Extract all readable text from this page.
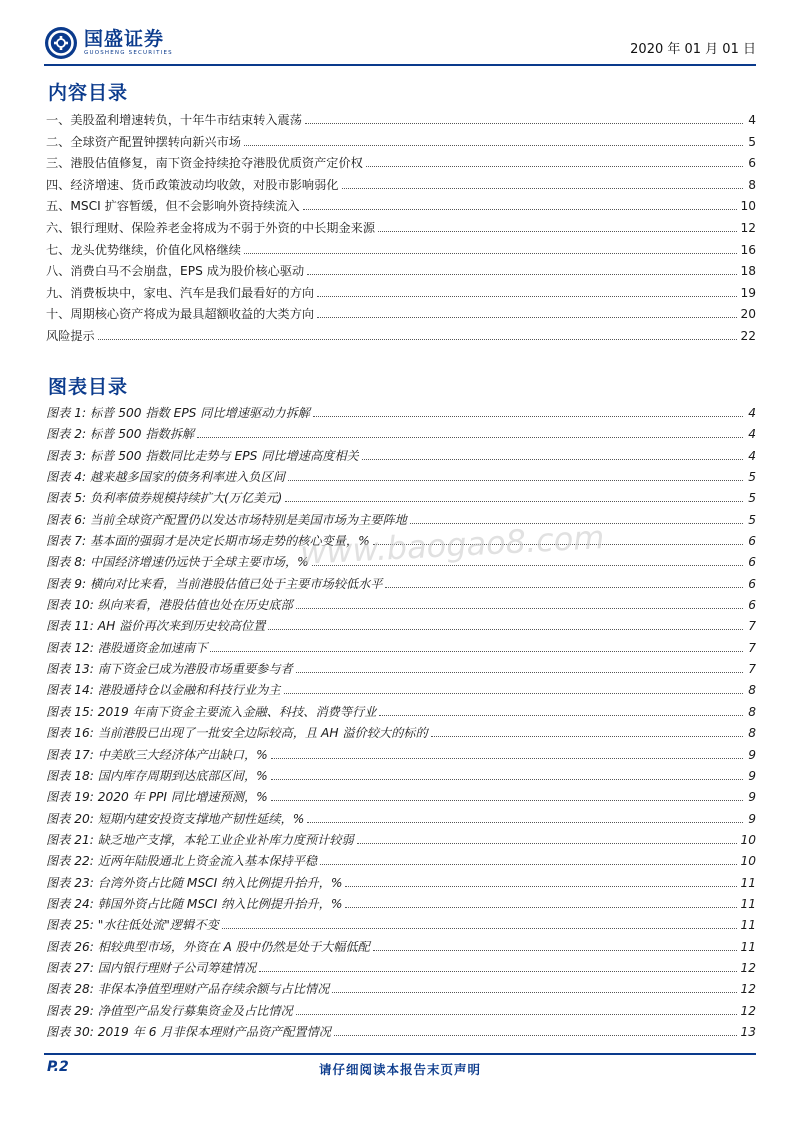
国盛证券
GUOSHENG SECURITIES	2020 年 01 月 01 日
内容目录
一、美股盈利增速转负，十年牛市结束转入震荡	4
二、全球资产配置钟摆转向新兴市场	5
三、港股估值修复，南下资金持续抢夺港股优质资产定价权	6
四、经济增速、货币政策波动均收敛，对股市影响弱化	8
五、MSCI 扩容暂缓，但不会影响外资持续流入	10
六、银行理财、保险养老金将成为不弱于外资的中长期金来源	12
七、龙头优势继续，价值化风格继续	16
八、消费白马不会崩盘，EPS 成为股价核心驱动	18
九、消费板块中，家电、汽车是我们最看好的方向	19
十、周期核心资产将成为最具超额收益的大类方向	20
风险提示	22
图表目录
图表 1: 标普 500 指数 EPS 同比增速驱动力拆解	4
图表 2: 标普 500 指数拆解	4
图表 3: 标普 500 指数同比走势与 EPS 同比增速高度相关	4
图表 4: 越来越多国家的债务利率进入负区间	5
图表 5: 负利率债券规模持续扩大(万亿美元)	5
图表 6: 当前全球资产配置仍以发达市场特别是美国市场为主要阵地	5
图表 7: 基本面的强弱才是决定长期市场走势的核心变量，%	6
图表 8: 中国经济增速仍远快于全球主要市场，%	6
图表 9: 横向对比来看，当前港股估值已处于主要市场较低水平	6
图表 10: 纵向来看，港股估值也处在历史底部	6
图表 11: AH 溢价再次来到历史较高位置	7
图表 12: 港股通资金加速南下	7
图表 13: 南下资金已成为港股市场重要参与者	7
图表 14: 港股通持仓以金融和科技行业为主	8
图表 15: 2019 年南下资金主要流入金融、科技、消费等行业	8
图表 16: 当前港股已出现了一批安全边际较高，且 AH 溢价较大的标的	8
图表 17: 中美欧三大经济体产出缺口，%	9
图表 18: 国内库存周期到达底部区间，%	9
图表 19: 2020 年 PPI 同比增速预测，%	9
图表 20: 短期内建安投资支撑地产韧性延续，%	9
图表 21: 缺乏地产支撑，本轮工业企业补库力度预计较弱	10
图表 22: 近两年陆股通北上资金流入基本保持平稳	10
图表 23: 台湾外资占比随 MSCI 纳入比例提升抬升，%	11
图表 24: 韩国外资占比随 MSCI 纳入比例提升抬升，%	11
图表 25: "水往低处流"逻辑不变	11
图表 26: 相较典型市场，外资在 A 股中仍然是处于大幅低配	11
图表 27: 国内银行理财子公司筹建情况	12
图表 28: 非保本净值型理财产品存续余额与占比情况	12
图表 29: 净值型产品发行募集资金及占比情况	12
图表 30: 2019 年 6 月非保本理财产品资产配置情况	13
www.baogao8.com
P.2	请仔细阅读本报告末页声明
